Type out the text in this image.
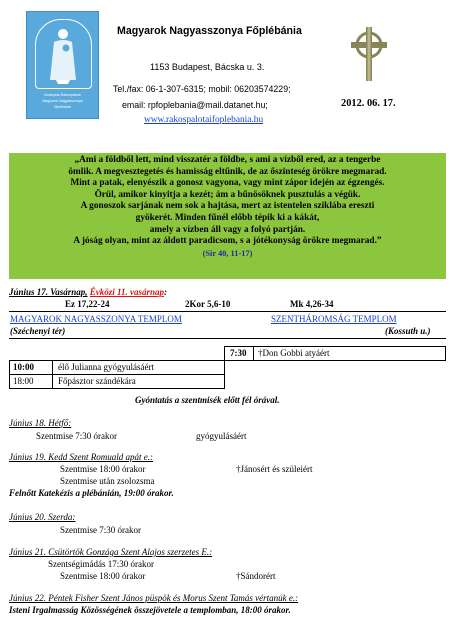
Budapest-Rákospalota
Magyarok Nagyasszonya
főplébánia
Magyarok Nagyasszonya Főplébánia
1153 Budapest, Bácska u. 3.
Tel./fax: 06-1-307-6315; mobil: 06203574229;
email: rpfoplebania@mail.datanet.hu;
www.rakospalotaifoplebania.hu
2012. 06. 17.
„Ami a földből lett, mind visszatér a földbe, s ami a vízből ered, az a tengerbe
ömlik. A megvesztegetés és hamisság eltűnik, de az őszinteség örökre megmarad.
Mint a patak, elenyészik a gonosz vagyona, vagy mint zápor idején az égzengés.
Örül, amikor kinyitja a kezét; ám a bűnösöknek pusztulás a végük.
A gonoszok sarjának nem sok a hajtása, mert az istentelen sziklába ereszti
gyökerét. Minden fűnél előbb tépik ki a kákát,
amely a vízben áll vagy a folyó partján.
A jóság olyan, mint az áldott paradicsom, s a jótékonyság örökre megmarad.”
(Sir 40, 11-17)
Június 17. Vasárnap, Évközi 11. vasárnap:
Ez 17,22-24	2Kor 5,6-10	Mk 4,26-34
MAGYAROK NAGYASSZONYA TEMPLOM	SZENTHÁROMSÁG TEMPLOM
(Széchenyi tér)	(Kossuth u.)
7:30 †Don Gobbi atyáért
10:00	élő Julianna gyógyulásáért
18:00	Főpásztor szándékára
Gyóntatás a szentmisék előtt fél órával.
Június 18. Hétfő:
Szentmise 7:30 órakor	gyógyulásáért
Június 19. Kedd Szent Romuald apát e.:
Szentmise 18:00 órakor	†Jánosért és szüleiért
Szentmise után zsolozsma
Felnőtt Katekézis a plébánián, 19:00 órakor.
Június 20. Szerda:
Szentmise 7:30 órakor
Június 21. Csütörtök Gonzága Szent Alajos szerzetes E.:
Szentségimádás 17:30 órakor
Szentmise 18:00 órakor	†Sándorért
Június 22. Péntek Fisher Szent János püspök és Morus Szent Tamás vértanúk e.:
Isteni Irgalmasság Közösségének összejövetele a templomban, 18:00 órakor.
